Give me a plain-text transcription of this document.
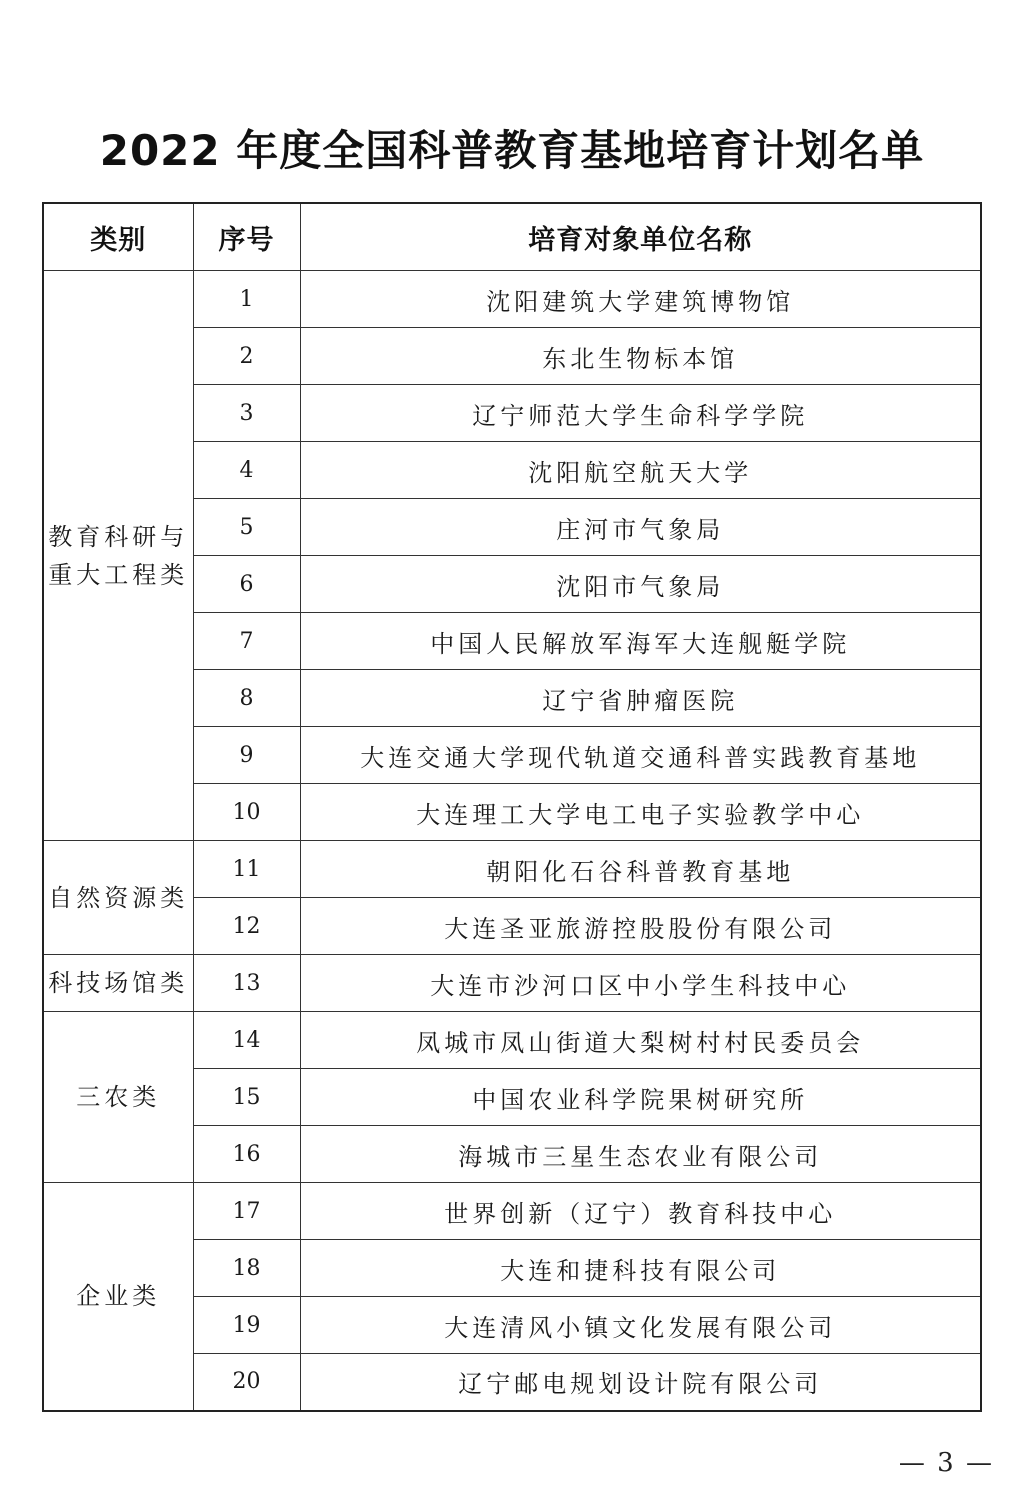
2022 年度全国科普教育基地培育计划名单
类别	序号	培育对象单位名称

教育科研与
重大工程类	1	沈阳建筑大学建筑博物馆
	2	东北生物标本馆
	3	辽宁师范大学生命科学学院
	4	沈阳航空航天大学
	5	庄河市气象局
	6	沈阳市气象局
	7	中国人民解放军海军大连舰艇学院
	8	辽宁省肿瘤医院
	9	大连交通大学现代轨道交通科普实践教育基地
	10	大连理工大学电工电子实验教学中心

自然资源类	11	朝阳化石谷科普教育基地
	12	大连圣亚旅游控股股份有限公司

科技场馆类	13	大连市沙河口区中小学生科技中心

三农类	14	凤城市凤山街道大梨树村村民委员会
	15	中国农业科学院果树研究所
	16	海城市三星生态农业有限公司

企业类	17	世界创新（辽宁）教育科技中心
	18	大连和捷科技有限公司
	19	大连清风小镇文化发展有限公司
	20	辽宁邮电规划设计院有限公司
— 3 —
